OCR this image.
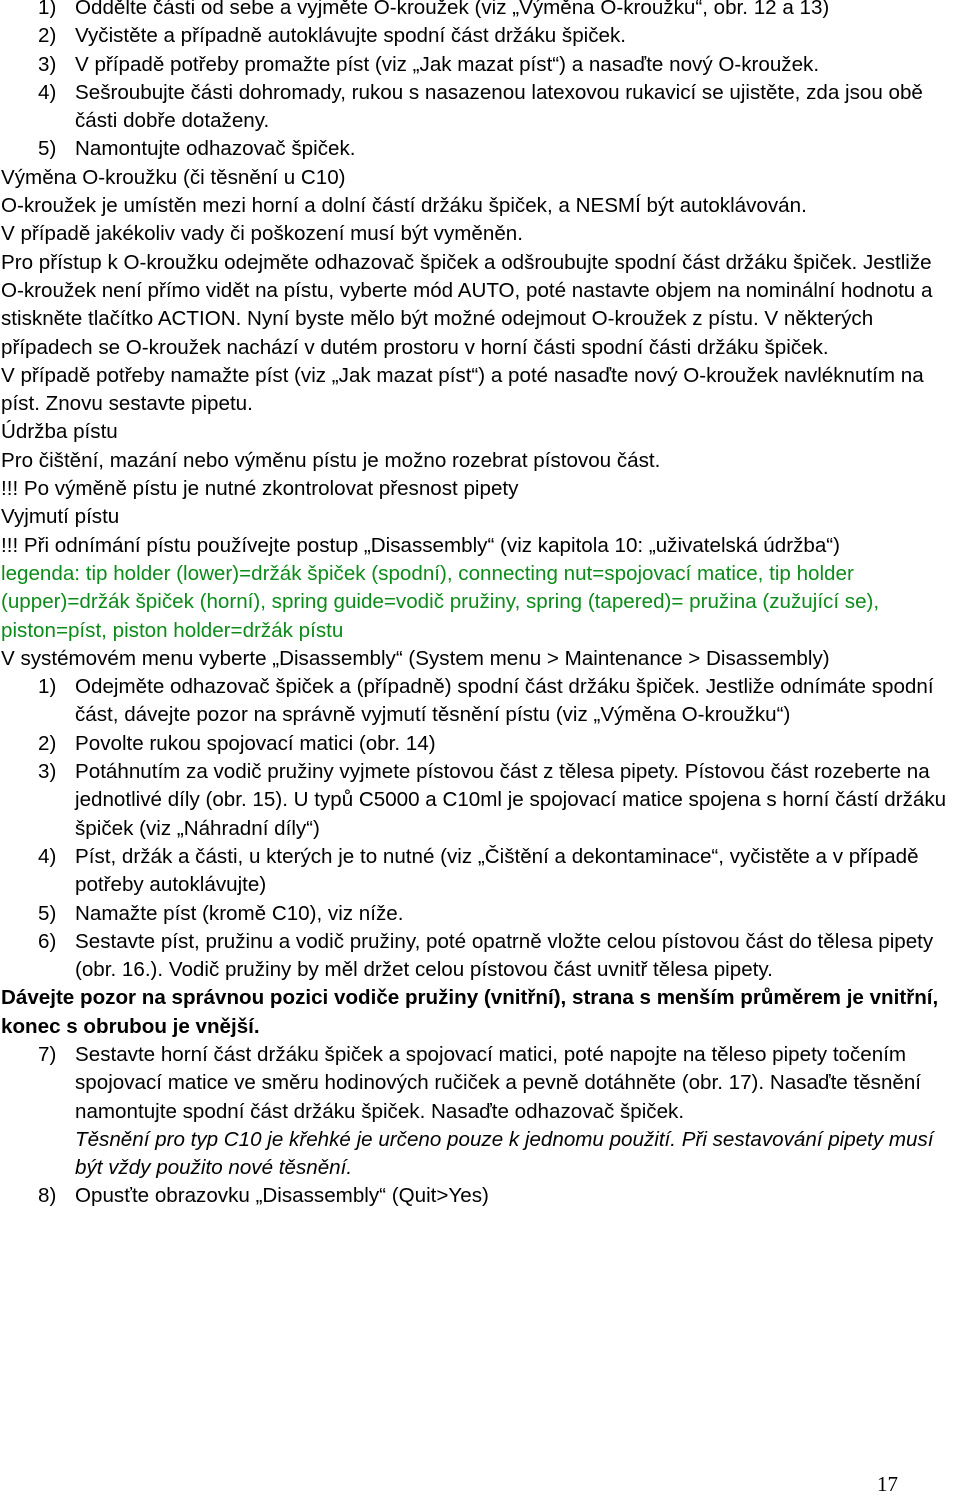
1) Oddělte části od sebe a vyjměte O-kroužek (viz „Výměna O-kroužku“, obr. 12 a 13)
2) Vyčistěte a případně autoklávujte spodní část držáku špiček.
3) V případě potřeby promažte píst (viz „Jak mazat píst“) a nasaďte nový O-kroužek.
4) Sešroubujte části dohromady, rukou s nasazenou latexovou rukavicí se ujistěte, zda jsou obě části dobře dotaženy.
5) Namontujte odhazovač špiček.
Výměna O-kroužku (či těsnění u C10)
O-kroužek je umístěn mezi horní a dolní částí držáku špiček, a NESMÍ být autoklávován.
V případě jakékoliv vady či poškození musí být vyměněn.
Pro přístup k O-kroužku odejměte odhazovač špiček a odšroubujte spodní část držáku špiček. Jestliže O-kroužek není přímo vidět na pístu, vyberte mód AUTO, poté nastavte objem na nominální hodnotu a stiskněte tlačítko ACTION. Nyní byste mělo být možné odejmout O-kroužek z pístu. V některých případech se O-kroužek nachází v dutém prostoru v horní části spodní části držáku špiček.
V případě potřeby namažte píst (viz „Jak mazat píst“) a poté nasaďte nový O-kroužek navléknutím na píst. Znovu sestavte pipetu.
Údržba pístu
Pro čištění, mazání nebo výměnu pístu je možno rozebrat pístovou část.
!!! Po výměně pístu je nutné zkontrolovat přesnost pipety
Vyjmutí pístu
!!! Při odnímání pístu používejte postup „Disassembly“ (viz kapitola 10: „uživatelská údržba“)
legenda: tip holder (lower)=držák špiček (spodní), connecting nut=spojovací matice, tip holder (upper)=držák špiček (horní), spring guide=vodič pružiny, spring (tapered)= pružina (zužující se), piston=píst, piston holder=držák pístu
V systémovém menu vyberte „Disassembly“ (System menu > Maintenance > Disassembly)
1) Odejměte odhazovač špiček a (případně) spodní část držáku špiček. Jestliže odnímáte spodní část, dávejte pozor na správně vyjmutí těsnění pístu (viz „Výměna O-kroužku“)
2) Povolte rukou spojovací matici (obr. 14)
3) Potáhnutím za vodič pružiny vyjmete pístovou část z tělesa pipety. Pístovou část rozeberte na jednotlivé díly (obr. 15). U typů C5000 a C10ml je spojovací matice spojena s horní částí držáku špiček (viz „Náhradní díly“)
4) Píst, držák a části, u kterých je to nutné (viz „Čištění a dekontaminace“, vyčistěte a v případě potřeby autoklávujte)
5) Namažte píst (kromě C10), viz níže.
6) Sestavte píst, pružinu a vodič pružiny, poté opatrně vložte celou pístovou část do tělesa pipety (obr. 16.). Vodič pružiny by měl držet celou pístovou část uvnitř tělesa pipety.
Dávejte pozor na správnou pozici vodiče pružiny (vnitřní), strana s menším průměrem je vnitřní, konec s obrubou je vnější.
7) Sestavte horní část držáku špiček a spojovací matici, poté napojte na těleso pipety točením spojovací matice ve směru hodinových ručiček a pevně dotáhněte (obr. 17). Nasaďte těsnění namontujte spodní část držáku špiček. Nasaďte odhazovač špiček.
Těsnění pro typ C10 je křehké je určeno pouze k jednomu použití. Při sestavování pipety musí být vždy použito nové těsnění.
8) Opusťte obrazovku „Disassembly“ (Quit>Yes)
17
